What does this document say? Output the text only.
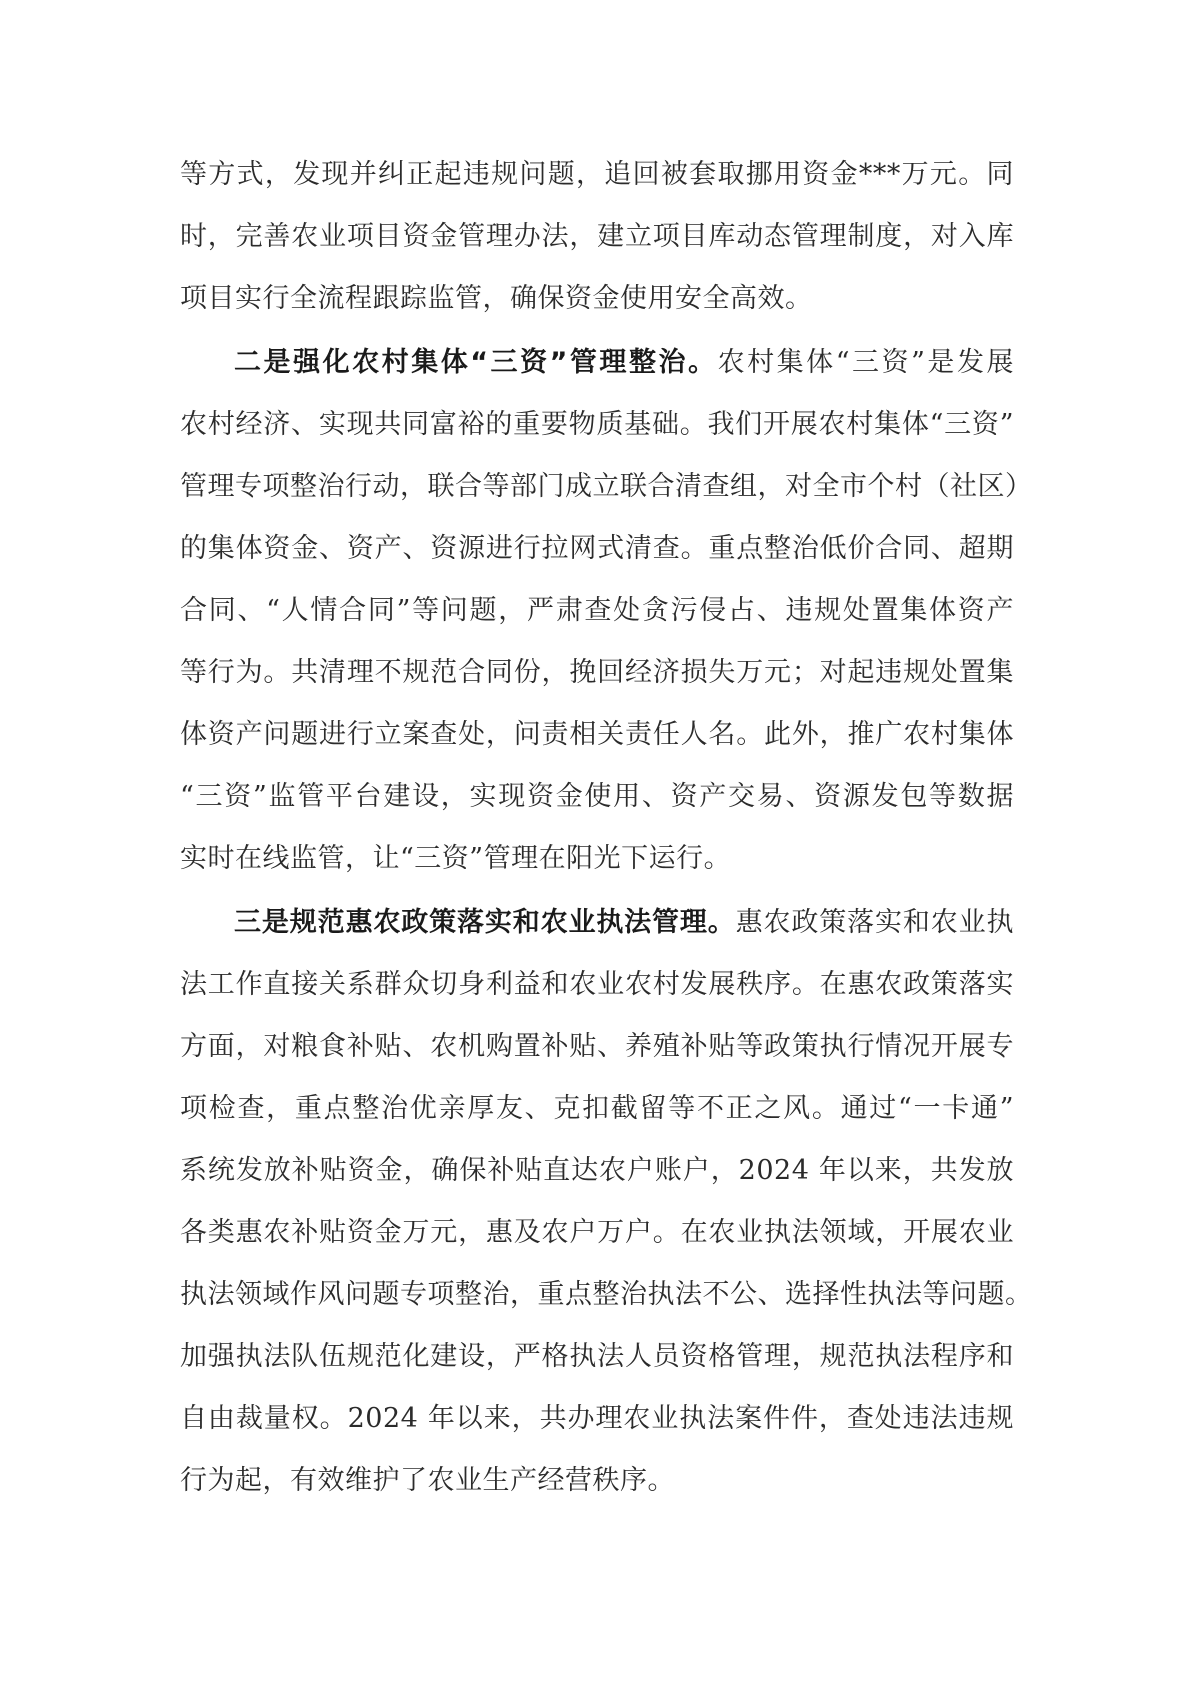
等方式，发现并纠正起违规问题，追回被套取挪用资金***万元。同
时，完善农业项目资金管理办法，建立项目库动态管理制度，对入库
项目实行全流程跟踪监管，确保资金使用安全高效。
二是强化农村集体“三资”管理整治。农村集体“三资”是发展
农村经济、实现共同富裕的重要物质基础。我们开展农村集体“三资”
管理专项整治行动，联合等部门成立联合清查组，对全市个村（社区）
的集体资金、资产、资源进行拉网式清查。重点整治低价合同、超期
合同、“人情合同”等问题，严肃查处贪污侵占、违规处置集体资产
等行为。共清理不规范合同份，挽回经济损失万元；对起违规处置集
体资产问题进行立案查处，问责相关责任人名。此外，推广农村集体
“三资”监管平台建设，实现资金使用、资产交易、资源发包等数据
实时在线监管，让“三资”管理在阳光下运行。
三是规范惠农政策落实和农业执法管理。惠农政策落实和农业执
法工作直接关系群众切身利益和农业农村发展秩序。在惠农政策落实
方面，对粮食补贴、农机购置补贴、养殖补贴等政策执行情况开展专
项检查，重点整治优亲厚友、克扣截留等不正之风。通过“一卡通”
系统发放补贴资金，确保补贴直达农户账户，2024 年以来，共发放
各类惠农补贴资金万元，惠及农户万户。在农业执法领域，开展农业
执法领域作风问题专项整治，重点整治执法不公、选择性执法等问题。
加强执法队伍规范化建设，严格执法人员资格管理，规范执法程序和
自由裁量权。2024 年以来，共办理农业执法案件件，查处违法违规
行为起，有效维护了农业生产经营秩序。
